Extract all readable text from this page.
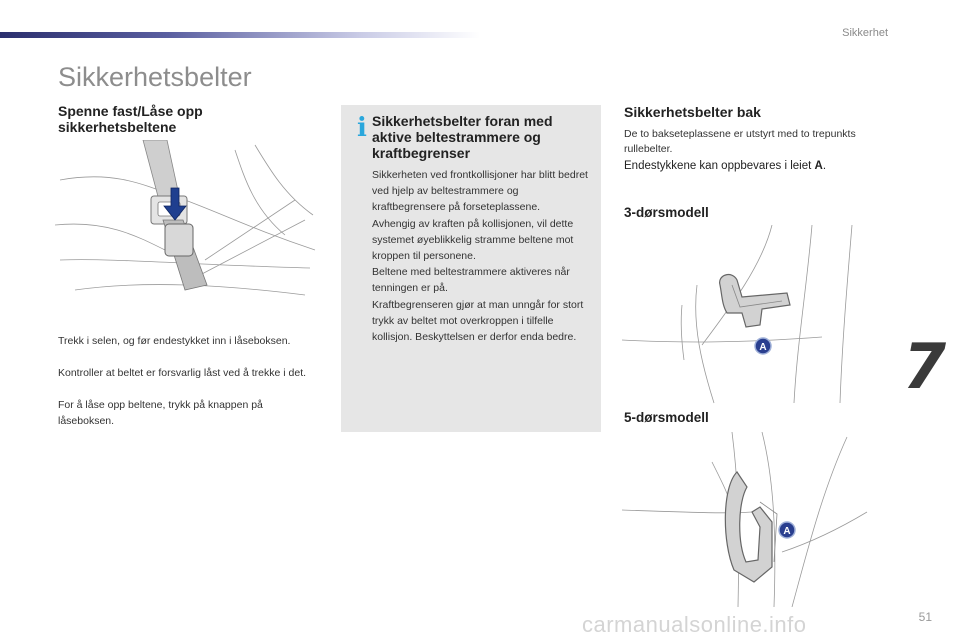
Sikkerhet
Sikkerhetsbelter
Spenne fast/Låse opp sikkerhetsbeltene

Trekk i selen, og før endestykket inn i låseboksen.

Kontroller at beltet er forsvarlig låst ved å trekke i det.

For å låse opp beltene, trykk på knappen på låseboksen.

i Sikkerhetsbelter foran med aktive beltestrammere og kraftbegrenser
Sikkerheten ved frontkollisjoner har blitt bedret ved hjelp av beltestrammere og kraftbegrensere på forseteplassene.
Avhengig av kraften på kollisjonen, vil dette systemet øyeblikkelig stramme beltene mot kroppen til personene.
Beltene med beltestrammere aktiveres når tenningen er på.
Kraftbegrenseren gjør at man unngår for stort trykk av beltet mot overkroppen i tilfelle kollisjon. Beskyttelsen er derfor enda bedre.
Sikkerhetsbelter bak

De to bakseteplassene er utstyrt med to trepunkts rullebelter.

Endestykkene kan oppbevares i leiet A.

3-dørsmodell
A
5-dørsmodell
A
7
51
carmanualsonline.info
